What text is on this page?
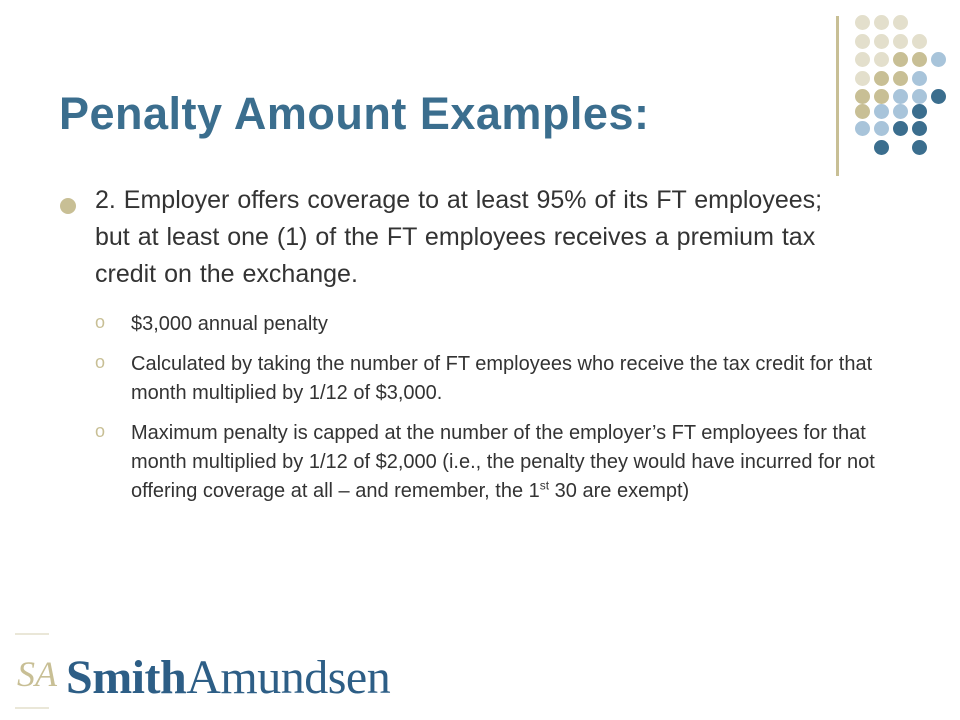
Penalty Amount Examples:
2. Employer offers coverage to at least 95% of its FT employees; but at least one (1) of the FT employees receives a premium tax credit on the exchange.
o $3,000 annual penalty
o Calculated by taking the number of FT employees who receive the tax credit for that month multiplied by 1/12 of $3,000.
o Maximum penalty is capped at the number of the employer’s FT employees for that month multiplied by 1/12 of $2,000 (i.e., the penalty they would have incurred for not offering coverage at all – and remember, the 1st 30 are exempt)
SA SmithAmundsen
